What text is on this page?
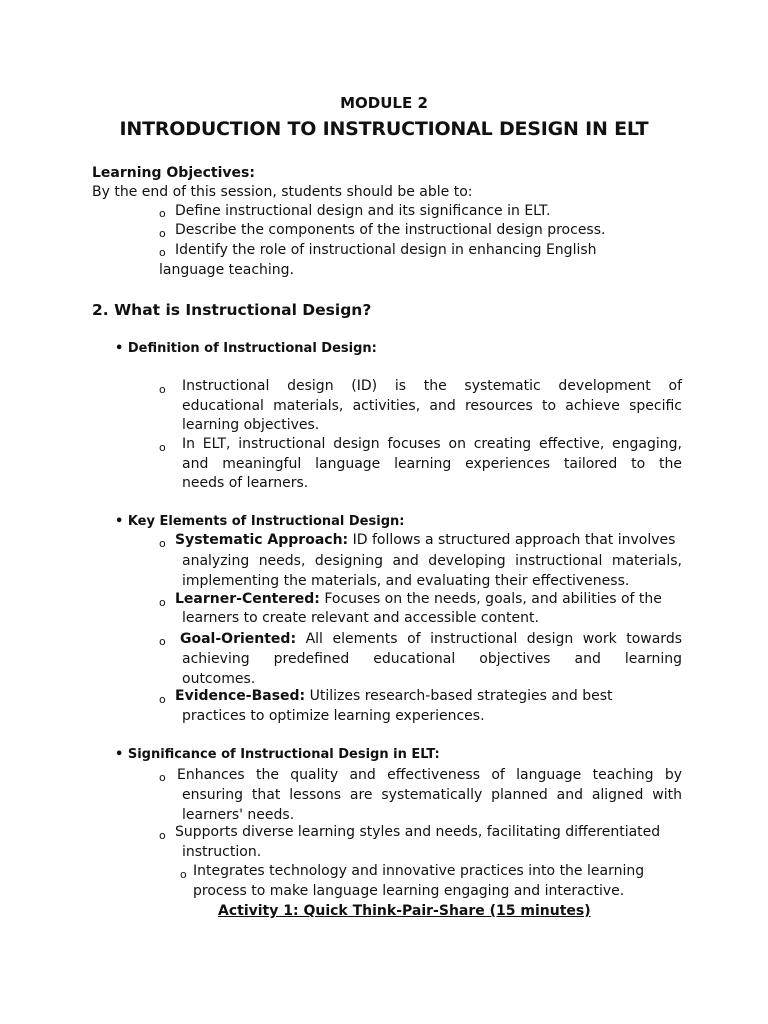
MODULE 2

INTRODUCTION TO INSTRUCTIONAL DESIGN IN ELT

Learning Objectives:

By the end of this session, students should be able to:

o Define instructional design and its significance in ELT.

o Describe the components of the instructional design process.

o Identify the role of instructional design in enhancing English

language teaching.

2. What is Instructional Design?

• Definition of Instructional Design:

o Instructional design (ID) is the systematic development of
educational materials, activities, and resources to achieve specific
learning objectives.
o In ELT, instructional design focuses on creating effective, engaging,
and meaningful language learning experiences tailored to the
needs of learners.

• Key Elements of Instructional Design:

o Systematic Approach: ID follows a structured approach that involves

analyzing needs, designing and developing instructional materials,
implementing the materials, and evaluating their effectiveness.
o Learner-Centered: Focuses on the needs, goals, and abilities of the

learners to create relevant and accessible content.

o Goal-Oriented: All elements of instructional design work towards
achieving predefined educational objectives and learning
outcomes.
o Evidence-Based: Utilizes research-based strategies and best

practices to optimize learning experiences.

• Significance of Instructional Design in ELT:

o Enhances the quality and effectiveness of language teaching by
ensuring that lessons are systematically planned and aligned with
learners' needs.
o Supports diverse learning styles and needs, facilitating differentiated

instruction.

o Integrates technology and innovative practices into the learning

process to make language learning engaging and interactive.

Activity 1: Quick Think-Pair-Share (15 minutes)
